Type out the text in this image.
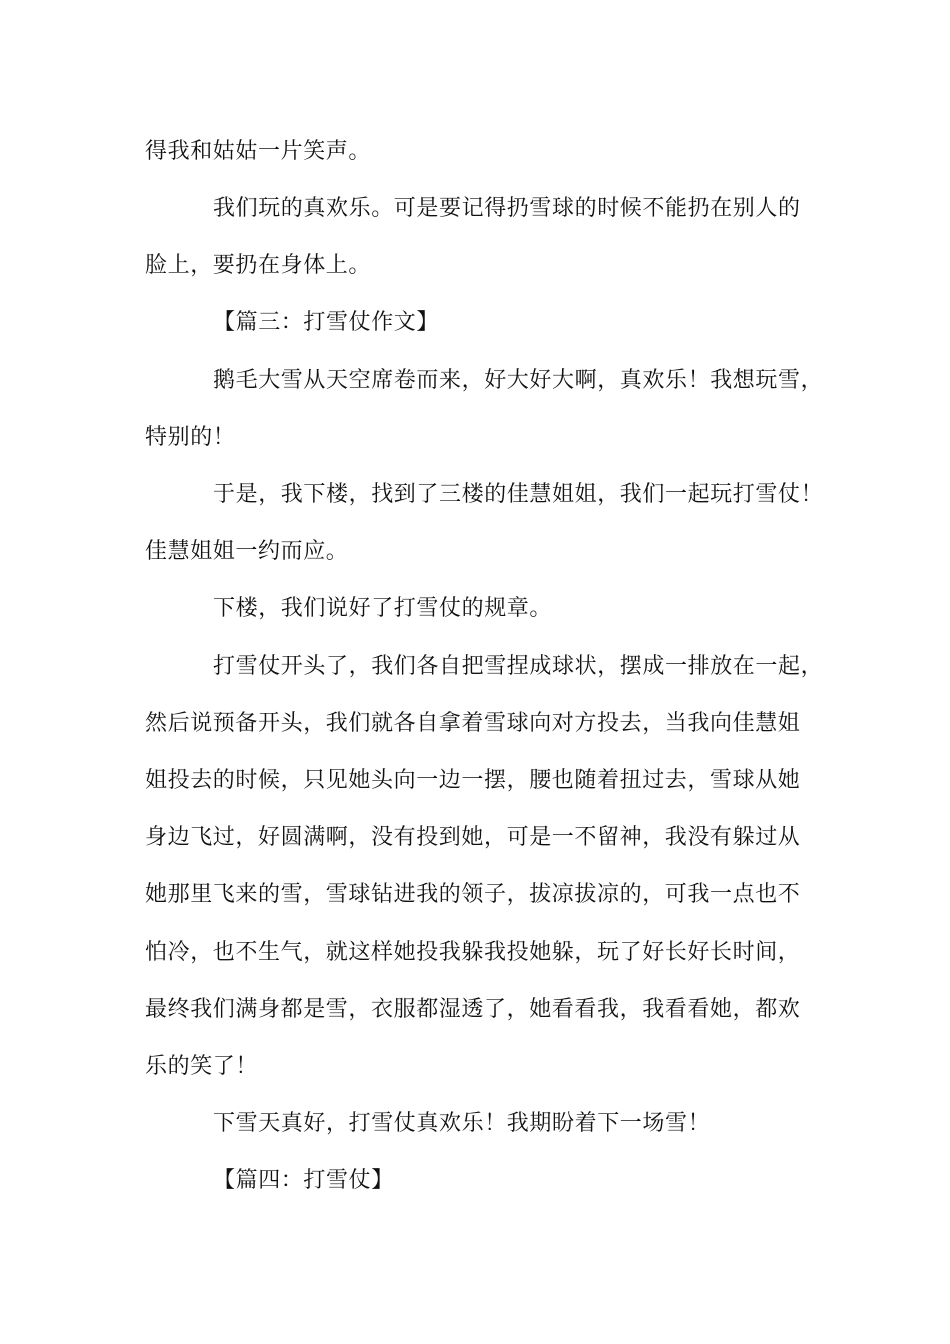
得我和姑姑一片笑声。

我们玩的真欢乐。可是要记得扔雪球的时候不能扔在别人的

脸上，要扔在身体上。

【篇三：打雪仗作文】

鹅毛大雪从天空席卷而来，好大好大啊，真欢乐！我想玩雪，

特别的！

于是，我下楼，找到了三楼的佳慧姐姐，我们一起玩打雪仗！

佳慧姐姐一约而应。

下楼，我们说好了打雪仗的规章。

打雪仗开头了，我们各自把雪捏成球状，摆成一排放在一起，

然后说预备开头，我们就各自拿着雪球向对方投去，当我向佳慧姐

姐投去的时候，只见她头向一边一摆，腰也随着扭过去，雪球从她

身边飞过，好圆满啊，没有投到她，可是一不留神，我没有躲过从

她那里飞来的雪，雪球钻进我的领子，拔凉拔凉的，可我一点也不

怕冷，也不生气，就这样她投我躲我投她躲，玩了好长好长时间，

最终我们满身都是雪，衣服都湿透了，她看看我，我看看她，都欢

乐的笑了！

下雪天真好，打雪仗真欢乐！我期盼着下一场雪！

【篇四：打雪仗】
